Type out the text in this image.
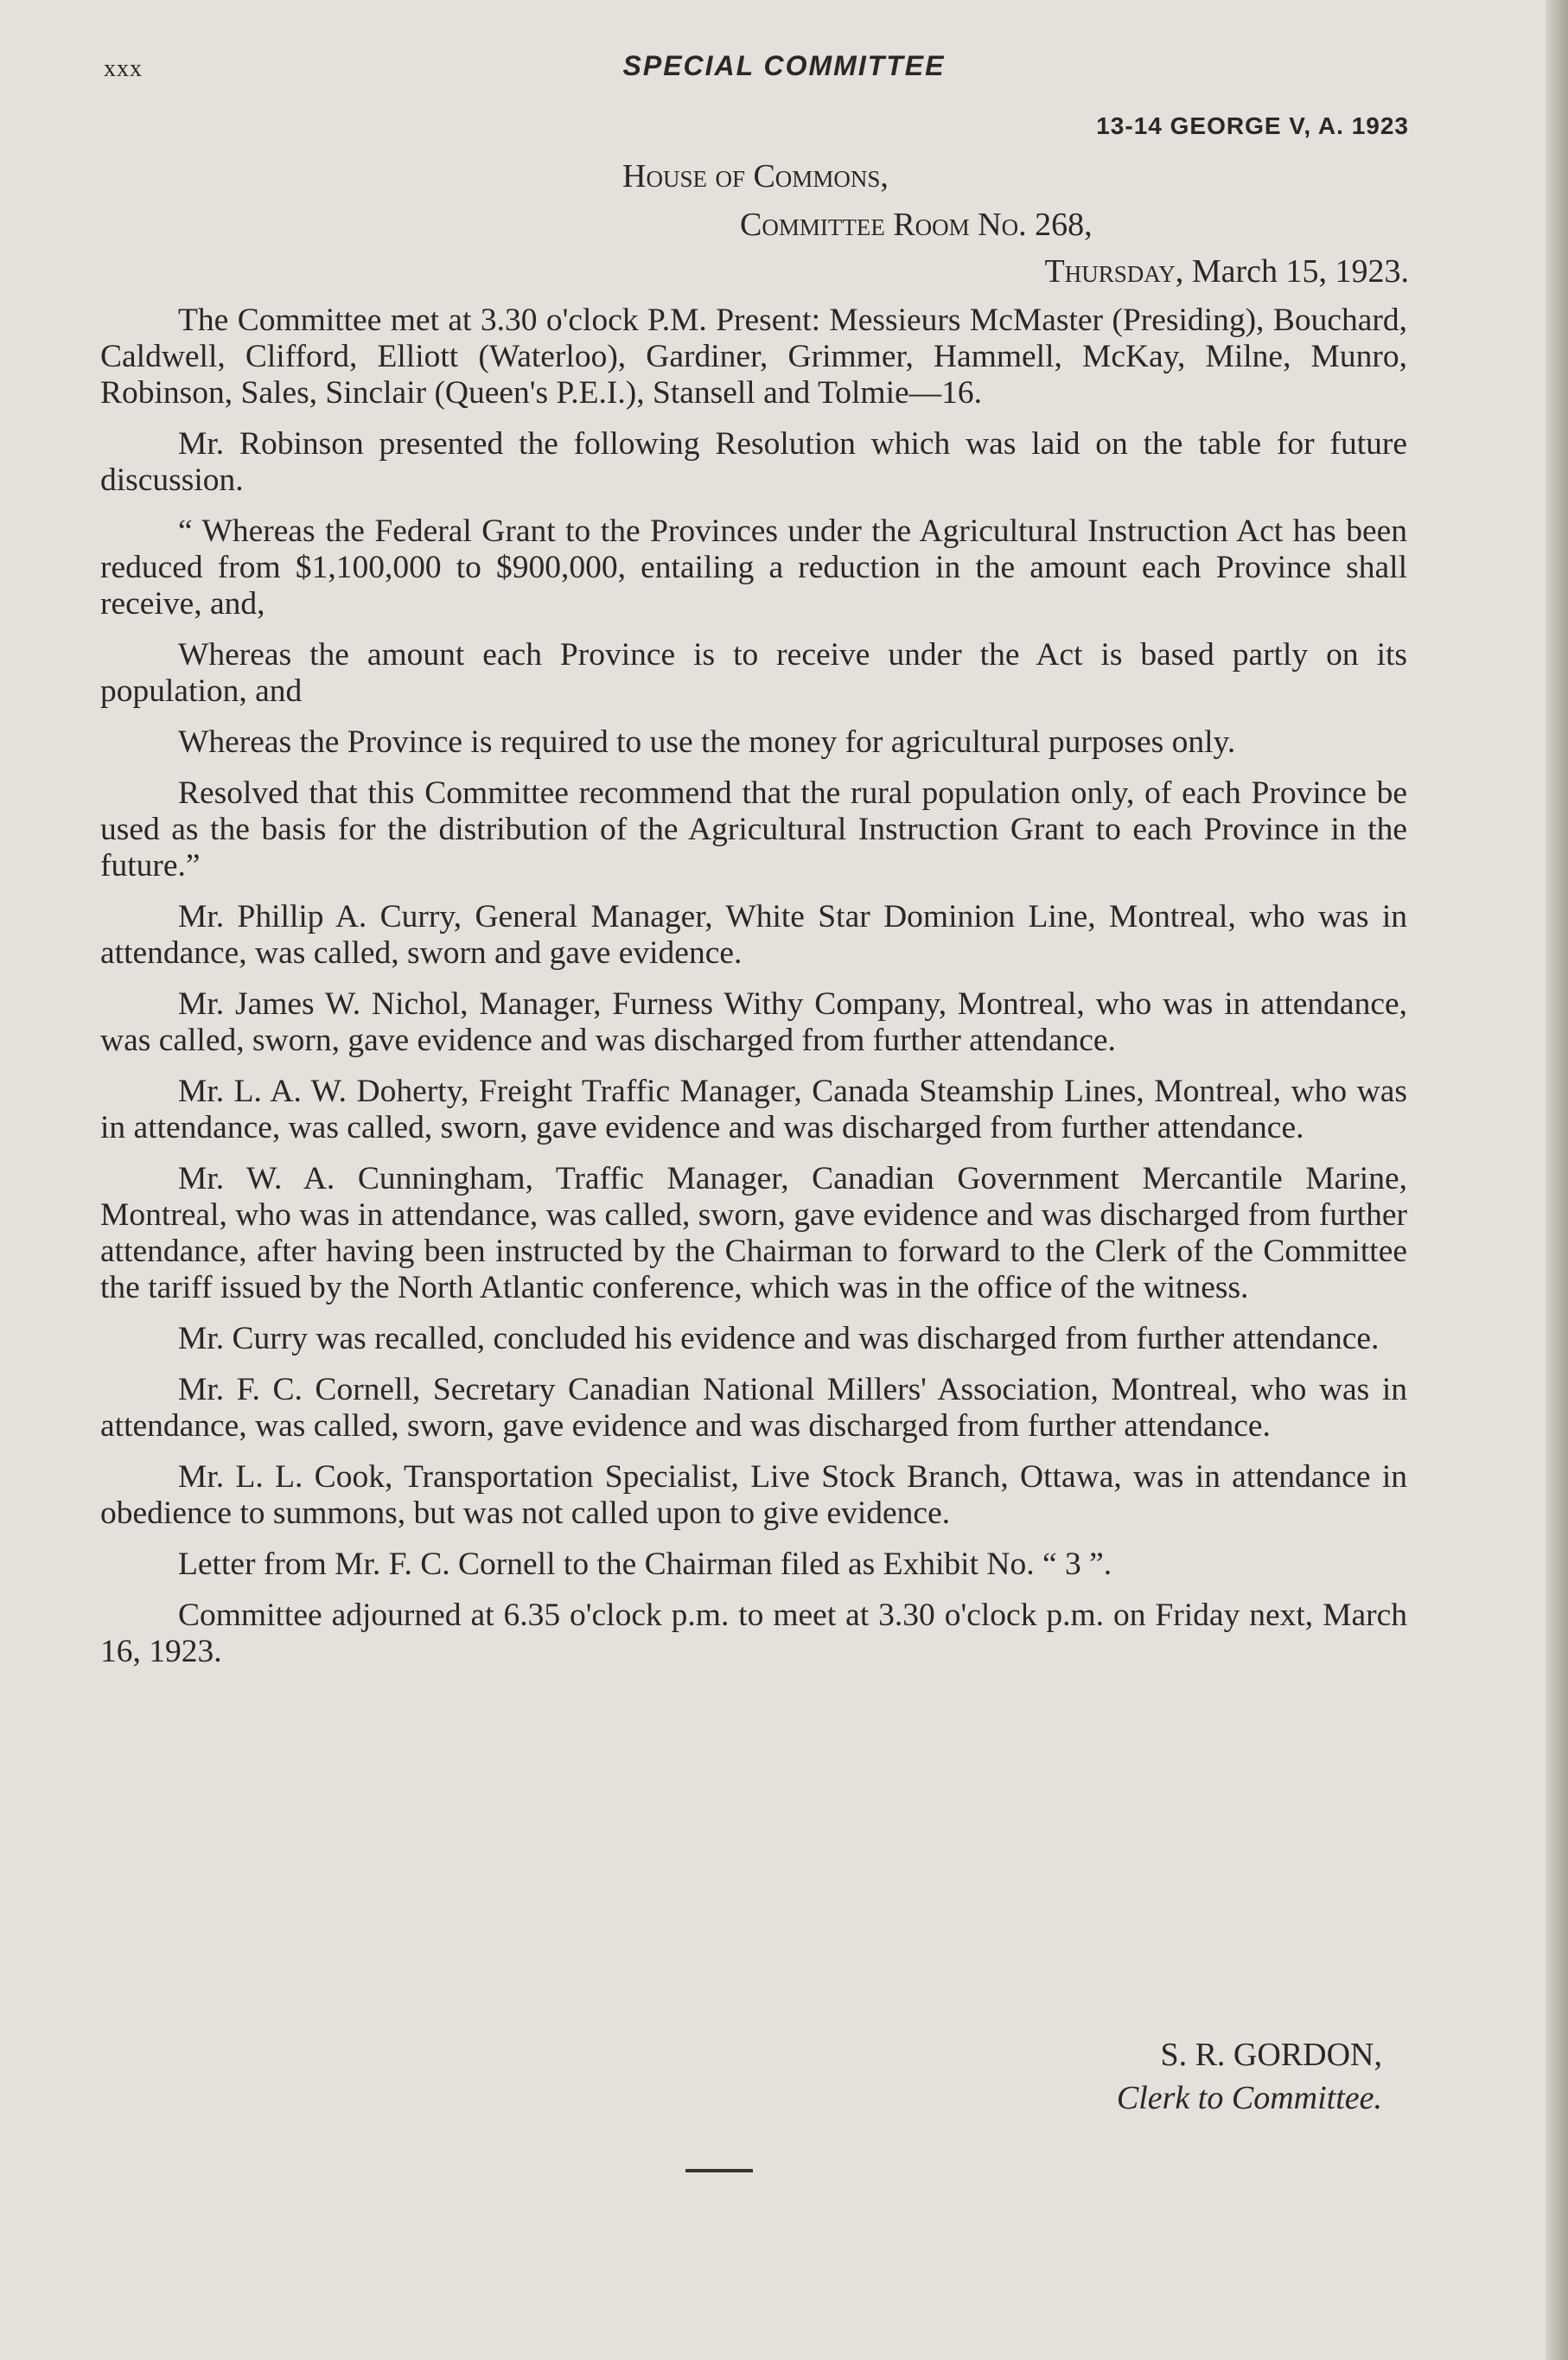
xxx	SPECIAL COMMITTEE
13-14 GEORGE V, A. 1923
House of Commons,
Committee Room No. 268,
Thursday, March 15, 1923.

The Committee met at 3.30 o'clock P.M. Present: Messieurs McMaster (Presiding), Bouchard, Caldwell, Clifford, Elliott (Waterloo), Gardiner, Grimmer, Hammell, McKay, Milne, Munro, Robinson, Sales, Sinclair (Queen's P.E.I.), Stansell and Tolmie—16.

Mr. Robinson presented the following Resolution which was laid on the table for future discussion.

“ Whereas the Federal Grant to the Provinces under the Agricultural Instruction Act has been reduced from $1,100,000 to $900,000, entailing a reduction in the amount each Province shall receive, and,

Whereas the amount each Province is to receive under the Act is based partly on its population, and

Whereas the Province is required to use the money for agricultural purposes only.

Resolved that this Committee recommend that the rural population only, of each Province be used as the basis for the distribution of the Agricultural Instruction Grant to each Province in the future.”

Mr. Phillip A. Curry, General Manager, White Star Dominion Line, Montreal, who was in attendance, was called, sworn and gave evidence.

Mr. James W. Nichol, Manager, Furness Withy Company, Montreal, who was in attendance, was called, sworn, gave evidence and was discharged from further attendance.

Mr. L. A. W. Doherty, Freight Traffic Manager, Canada Steamship Lines, Montreal, who was in attendance, was called, sworn, gave evidence and was discharged from further attendance.

Mr. W. A. Cunningham, Traffic Manager, Canadian Government Mercantile Marine, Montreal, who was in attendance, was called, sworn, gave evidence and was discharged from further attendance, after having been instructed by the Chairman to forward to the Clerk of the Committee the tariff issued by the North Atlantic conference, which was in the office of the witness.

Mr. Curry was recalled, concluded his evidence and was discharged from further attendance.

Mr. F. C. Cornell, Secretary Canadian National Millers' Association, Montreal, who was in attendance, was called, sworn, gave evidence and was discharged from further attendance.

Mr. L. L. Cook, Transportation Specialist, Live Stock Branch, Ottawa, was in attendance in obedience to summons, but was not called upon to give evidence.

Letter from Mr. F. C. Cornell to the Chairman filed as Exhibit No. “ 3 ”.

Committee adjourned at 6.35 o'clock p.m. to meet at 3.30 o'clock p.m. on Friday next, March 16, 1923.

S. R. GORDON,
Clerk to Committee.
